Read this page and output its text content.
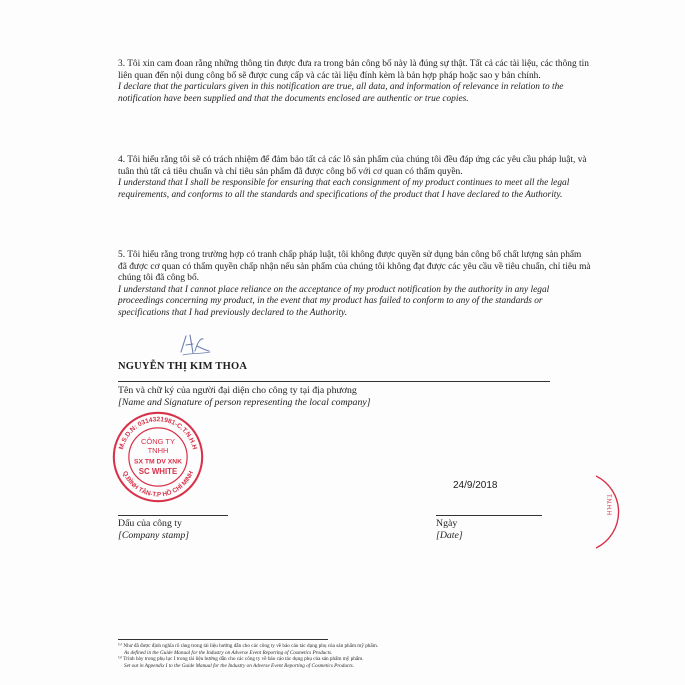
3. Tôi xin cam đoan rằng những thông tin được đưa ra trong bản công bố này là đúng sự thật. Tất cả các tài liệu, các thông tin liên quan đến nội dung công bố sẽ được cung cấp và các tài liệu đính kèm là bản hợp pháp hoặc sao y bản chính.
I declare that the particulars given in this notification are true, all data, and information of relevance in relation to the notification have been supplied and that the documents enclosed are authentic or true copies.

4. Tôi hiểu rằng tôi sẽ có trách nhiệm để đảm bảo tất cả các lô sản phẩm của chúng tôi đều đáp ứng các yêu cầu pháp luật, và tuân thủ tất cả tiêu chuẩn và chỉ tiêu sản phẩm đã được công bố với cơ quan có thẩm quyền.
I understand that I shall be responsible for ensuring that each consignment of my product continues to meet all the legal requirements, and conforms to all the standards and specifications of the product that I have declared to the Authority.

5. Tôi hiểu rằng trong trường hợp có tranh chấp pháp luật, tôi không được quyền sử dụng bản công bố chất lượng sản phẩm đã được cơ quan có thẩm quyền chấp nhận nếu sản phẩm của chúng tôi không đạt được các yêu cầu về tiêu chuẩn, chỉ tiêu mà chúng tôi đã công bố.
I understand that I cannot place reliance on the acceptance of my product notification by the authority in any legal proceedings concerning my product, in the event that my product has failed to conform to any of the standards or specifications that I had previously declared to the Authority.

NGUYỄN THỊ KIM THOA
Tên và chữ ký của người đại diện cho công ty tại địa phương
[Name and Signature of person representing the local company]
M.S.D.N: 0314321981-C.T.N.H.H
Q.BÌNH TÂN-T.P HỒ CHÍ MINH
CÔNG TY
TNHH
SX TM DV XNK
SC WHITE
24/9/2018
Dấu của công ty
[Company stamp]
Ngày
[Date]
T.N.H.H
⁽¹⁾ Như đã được định nghĩa rõ ràng trong tài liệu hướng dẫn cho các công ty về báo cáo tác dụng phụ của sản phẩm mỹ phẩm.
As defined in the Guide Manual for the Industry on Adverse Event Reporting of Cosmetics Products.
⁽²⁾ Trình bày trong phụ lục I trong tài liệu hướng dẫn cho các công ty về báo cáo tác dụng phụ của sản phẩm mỹ phẩm.
Set out in Appendix I to the Guide Manual for the Industry on Adverse Event Reporting of Cosmetics Products.
